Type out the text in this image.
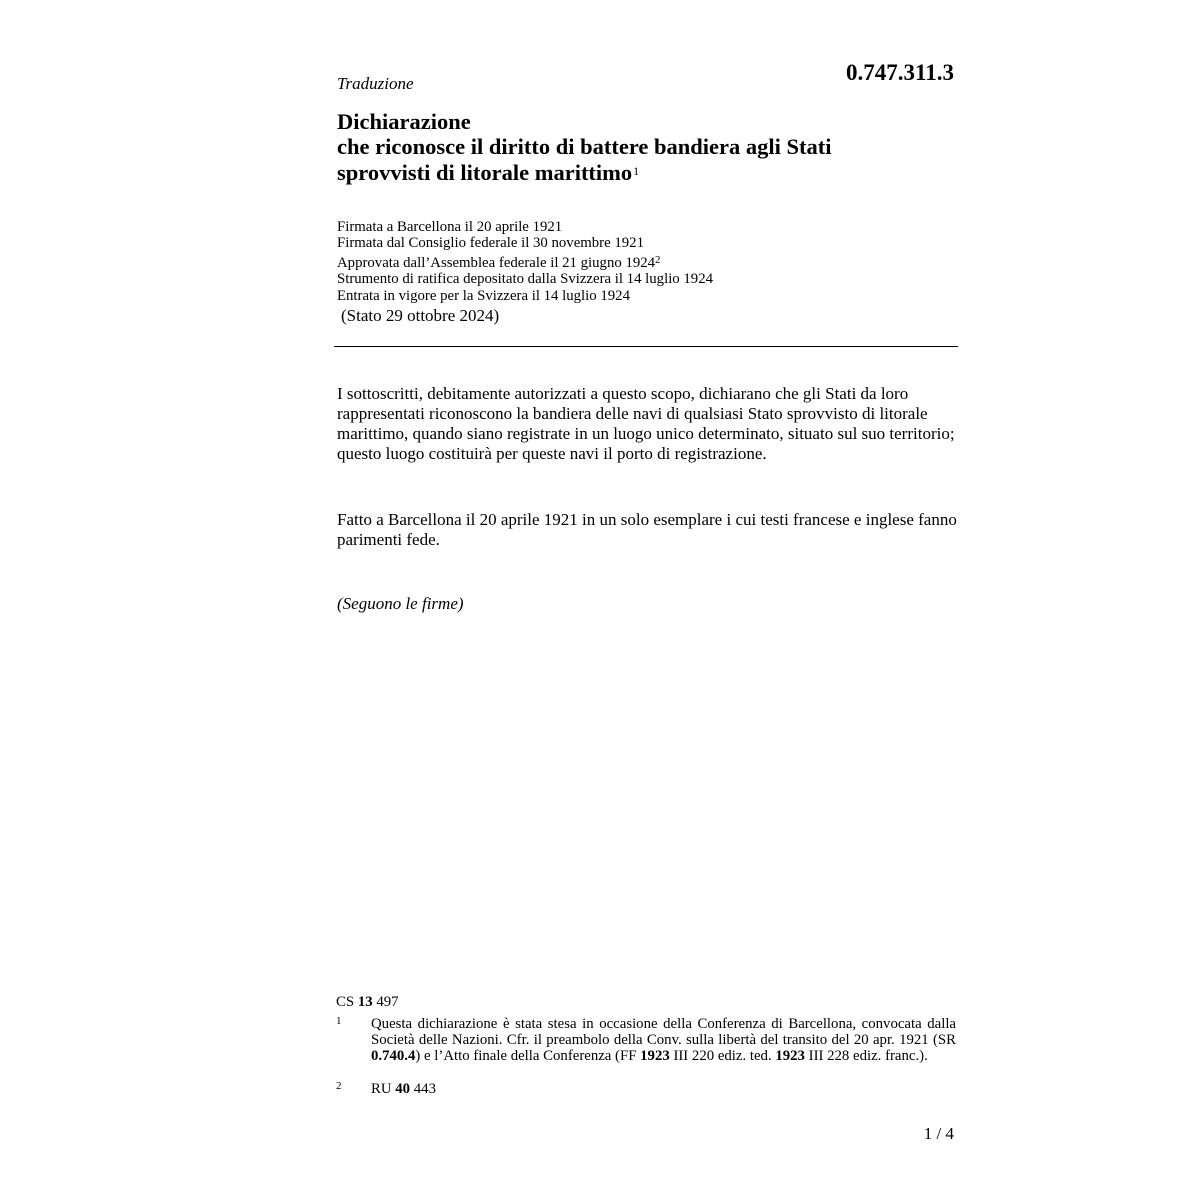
Traduzione	0.747.311.3
Dichiarazione
che riconosce il diritto di battere bandiera agli Stati
sprovvisti di litorale marittimo$^1$
Firmata a Barcellona il 20 aprile 1921
Firmata dal Consiglio federale il 30 novembre 1921
Approvata dall’Assemblea federale il 21 giugno 1924$^2$
Strumento di ratifica depositato dalla Svizzera il 14 luglio 1924
Entrata in vigore per la Svizzera il 14 luglio 1924
(Stato 29 ottobre 2024)
I sottoscritti, debitamente autorizzati a questo scopo, dichiarano che gli Stati da loro rappresentati riconoscono la bandiera delle navi di qualsiasi Stato sprovvisto di litorale marittimo, quando siano registrate in un luogo unico determinato, situato sul suo territorio; questo luogo costituirà per queste navi il porto di registrazione.
Fatto a Barcellona il 20 aprile 1921 in un solo esemplare i cui testi francese e inglese fanno parimenti fede.
(Seguono le firme)
CS 13 497
1 Questa dichiarazione è stata stesa in occasione della Conferenza di Barcellona, convocata dalla Società delle Nazioni. Cfr. il preambolo della Conv. sulla libertà del transito del 20 apr. 1921 (SR 0.740.4) e l’Atto finale della Conferenza (FF 1923 III 220 ediz. ted. 1923 III 228 ediz. franc.).
2 RU 40 443
1 / 4
